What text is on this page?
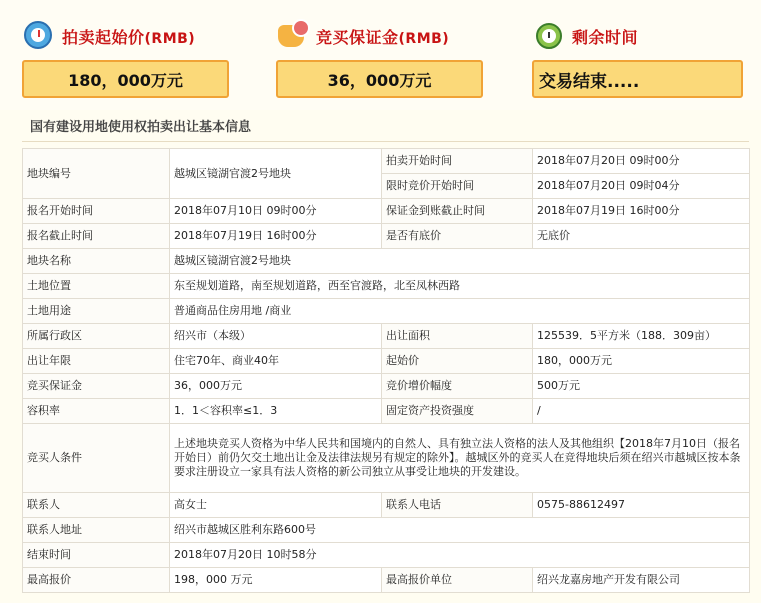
拍卖起始价(RMB)
180，000万元
竞买保证金(RMB)
36，000万元
剩余时间
交易结束.....
国有建设用地使用权拍卖出让基本信息
地块编号	越城区镜湖官渡2号地块	拍卖开始时间	2018年07月20日 09时00分
		限时竞价开始时间	2018年07月20日 09时04分
报名开始时间	2018年07月10日 09时00分	保证金到账截止时间	2018年07月19日 16时00分
报名截止时间	2018年07月19日 16时00分	是否有底价	无底价
地块名称	越城区镜湖官渡2号地块		
土地位置	东至规划道路，南至规划道路，西至官渡路，北至凤林西路		
土地用途	普通商品住房用地 /商业		
所属行政区	绍兴市（本级）	出让面积	125539．5平方米（188．309亩）
出让年限	住宅70年、商业40年	起始价	180，000万元
竞买保证金	36，000万元	竞价增价幅度	500万元
容积率	1．1＜容积率≤1．3	固定资产投资强度	/
竞买人条件	上述地块竞买人资格为中华人民共和国境内的自然人、具有独立法人资格的法人及其他组织【2018年7月10日（报名开始日）前仍欠交土地出让金及法律法规另有规定的除外】。越城区外的竞买人在竞得地块后须在绍兴市越城区按本条要求注册设立一家具有法人资格的新公司独立从事受让地块的开发建设。		
联系人	高女士	联系人电话	0575-88612497
联系人地址	绍兴市越城区胜利东路600号		
结束时间	2018年07月20日 10时58分		
最高报价	198，000 万元	最高报价单位	绍兴龙嘉房地产开发有限公司
